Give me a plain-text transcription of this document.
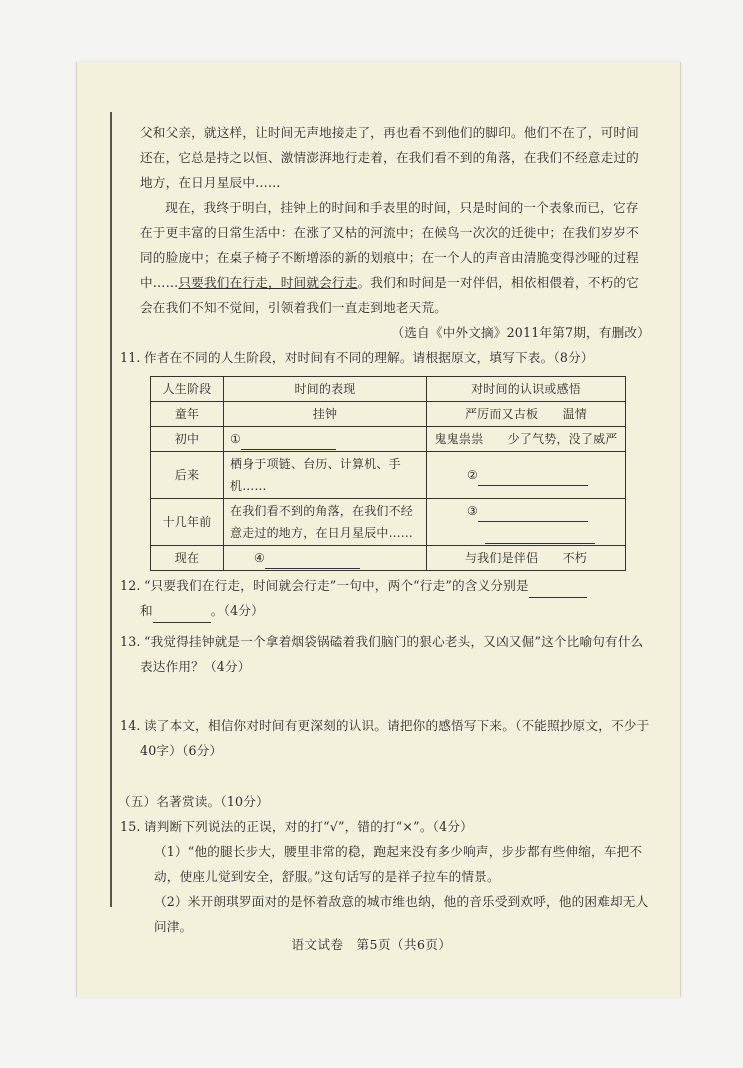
父和父亲，就这样，让时间无声地接走了，再也看不到他们的脚印。他们不在了，可时间还在，它总是持之以恒、激情澎湃地行走着，在我们看不到的角落，在我们不经意走过的地方，在日月星辰中……

现在，我终于明白，挂钟上的时间和手表里的时间，只是时间的一个表象而已，它存在于更丰富的日常生活中：在涨了又枯的河流中；在候鸟一次次的迁徙中；在我们岁岁不同的脸庞中；在桌子椅子不断增添的新的划痕中；在一个人的声音由清脆变得沙哑的过程中……只要我们在行走，时间就会行走。我们和时间是一对伴侣，相依相偎着，不朽的它会在我们不知不觉间，引领着我们一直走到地老天荒。

（选自《中外文摘》2011年第7期，有删改）

11. 作者在不同的人生阶段，对时间有不同的理解。请根据原文，填写下表。（8分）

人生阶段	时间的表现	对时间的认识或感悟
童年	挂钟	严厉而又古板　　温情
初中	①	鬼鬼祟祟　　少了气势，没了威严
后来	栖身于项链、台历、计算机、手机……	②
十几年前	在我们看不到的角落，在我们不经意走过的地方，在日月星辰中……	③

现在	④	与我们是伴侣　　不朽

12. “只要我们在行走，时间就会行走”一句中，两个“行走”的含义分别是

和	。（4分）

13. “我觉得挂钟就是一个拿着烟袋锅磕着我们脑门的狠心老头，又凶又倔”这个比喻句有什么表达作用？（4分）

14. 读了本文，相信你对时间有更深刻的认识。请把你的感悟写下来。（不能照抄原文，不少于40字）（6分）

（五）名著赏读。（10分）

15. 请判断下列说法的正误，对的打“√”，错的打“×”。（4分）

（1）“他的腿长步大，腰里非常的稳，跑起来没有多少响声，步步都有些伸缩，车把不动，使座儿觉到安全，舒服。”这句话写的是祥子拉车的情景。

（2）米开朗琪罗面对的是怀着敌意的城市维也纳，他的音乐受到欢呼，他的困难却无人问津。

语文试卷　第5页（共6页）
